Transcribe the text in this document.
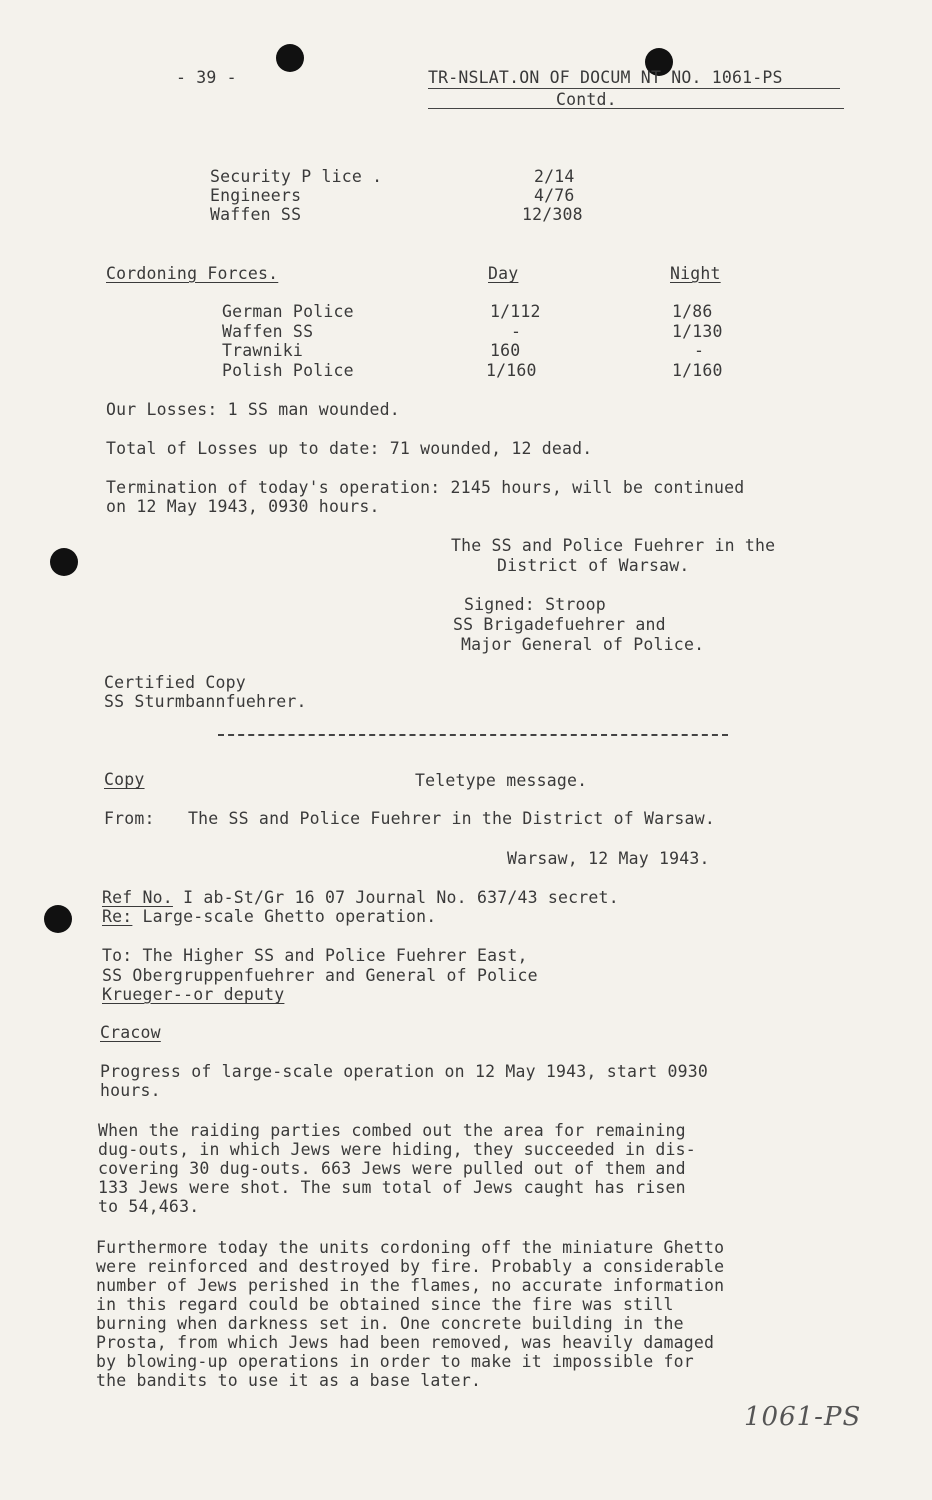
- 39 -	TR-NSLAT.ON OF DOCUM NT NO. 1061-PS

Contd.

Security P lice .	2/14

Engineers	4/76

Waffen SS	12/308

Cordoning Forces.	Day	Night

German Police	1/112	1/86

Waffen SS	-	1/130

Trawniki	160	-

Polish Police	1/160	1/160

Our Losses: 1 SS man wounded.

Total of Losses up to date: 71 wounded, 12 dead.

Termination of today's operation: 2145 hours, will be continued
on 12 May 1943, 0930 hours.

The SS and Police Fuehrer in the

District of Warsaw.

Signed: Stroop

SS Brigadefuehrer and

Major General of Police.

Certified Copy

SS Sturmbannfuehrer.

Copy	Teletype message.

From: The SS and Police Fuehrer in the District of Warsaw.

Warsaw, 12 May 1943.

Ref No. I ab-St/Gr 16 07 Journal No. 637/43 secret.

Re: Large-scale Ghetto operation.

To: The Higher SS and Police Fuehrer East,

SS Obergruppenfuehrer and General of Police

Krueger--or deputy

Cracow

Progress of large-scale operation on 12 May 1943, start 0930
hours.
When the raiding parties combed out the area for remaining
dug-outs, in which Jews were hiding, they succeeded in dis-
covering 30 dug-outs. 663 Jews were pulled out of them and
133 Jews were shot. The sum total of Jews caught has risen
to 54,463.
Furthermore today the units cordoning off the miniature Ghetto
were reinforced and destroyed by fire. Probably a considerable
number of Jews perished in the flames, no accurate information
in this regard could be obtained since the fire was still
burning when darkness set in. One concrete building in the
Prosta, from which Jews had been removed, was heavily damaged
by blowing-up operations in order to make it impossible for
the bandits to use it as a base later.

1061-PS
